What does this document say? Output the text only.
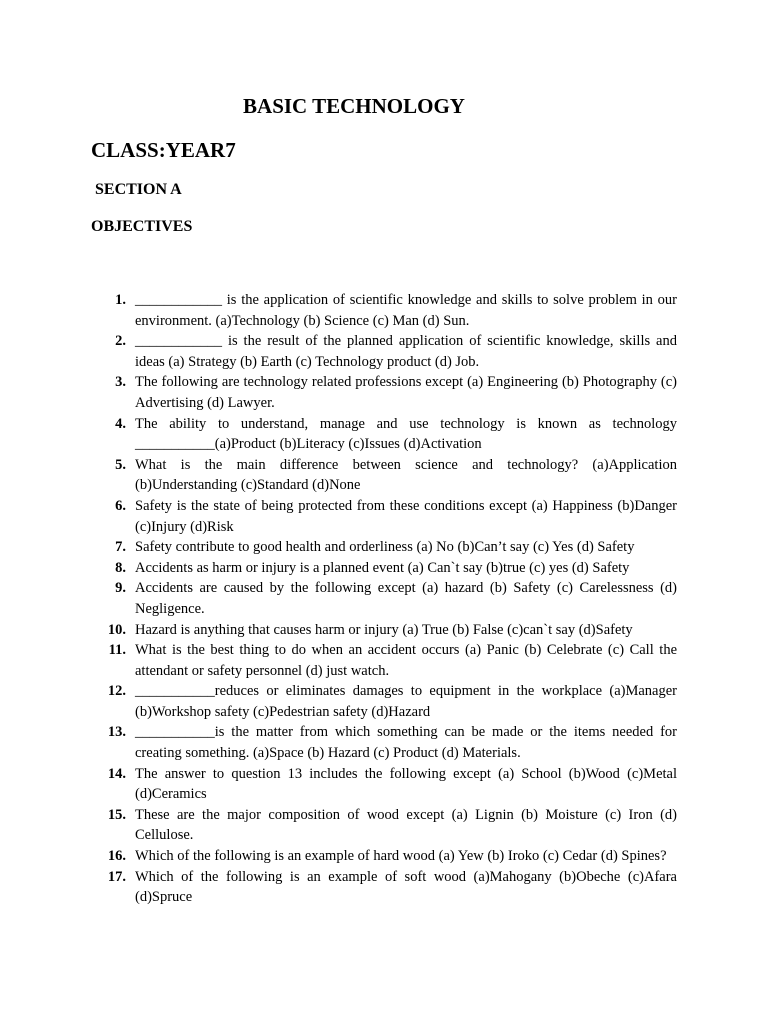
BASIC TECHNOLOGY
CLASS:YEAR7
SECTION A
OBJECTIVES
1. ____________ is the application of scientific knowledge and skills to solve problem in our environment. (a)Technology (b) Science (c) Man (d) Sun.
2. ____________ is the result of the planned application of scientific knowledge, skills and ideas (a) Strategy (b) Earth (c) Technology product (d) Job.
3. The following are technology related professions except (a) Engineering (b) Photography (c) Advertising (d) Lawyer.
4. The ability to understand, manage and use technology is known as technology ___________(a)Product (b)Literacy (c)Issues (d)Activation
5. What is the main difference between science and technology? (a)Application (b)Understanding (c)Standard (d)None
6. Safety is the state of being protected from these conditions except (a) Happiness (b)Danger (c)Injury (d)Risk
7. Safety contribute to good health and orderliness (a) No (b)Can’t say (c) Yes (d) Safety
8. Accidents as harm or injury is a planned event (a) Can`t say (b)true (c) yes (d) Safety
9. Accidents are caused by the following except (a) hazard (b) Safety (c) Carelessness (d) Negligence.
10. Hazard is anything that causes harm or injury (a) True (b) False (c)can`t say (d)Safety
11. What is the best thing to do when an accident occurs (a) Panic (b) Celebrate (c) Call the attendant or safety personnel (d) just watch.
12. ___________reduces or eliminates damages to equipment in the workplace (a)Manager (b)Workshop safety (c)Pedestrian safety (d)Hazard
13. ___________is the matter from which something can be made or the items needed for creating something. (a)Space (b) Hazard (c) Product (d) Materials.
14. The answer to question 13 includes the following except (a) School (b)Wood (c)Metal (d)Ceramics
15. These are the major composition of wood except (a) Lignin (b) Moisture (c) Iron (d) Cellulose.
16. Which of the following is an example of hard wood (a) Yew (b) Iroko (c) Cedar (d) Spines?
17. Which of the following is an example of soft wood (a)Mahogany (b)Obeche (c)Afara (d)Spruce
